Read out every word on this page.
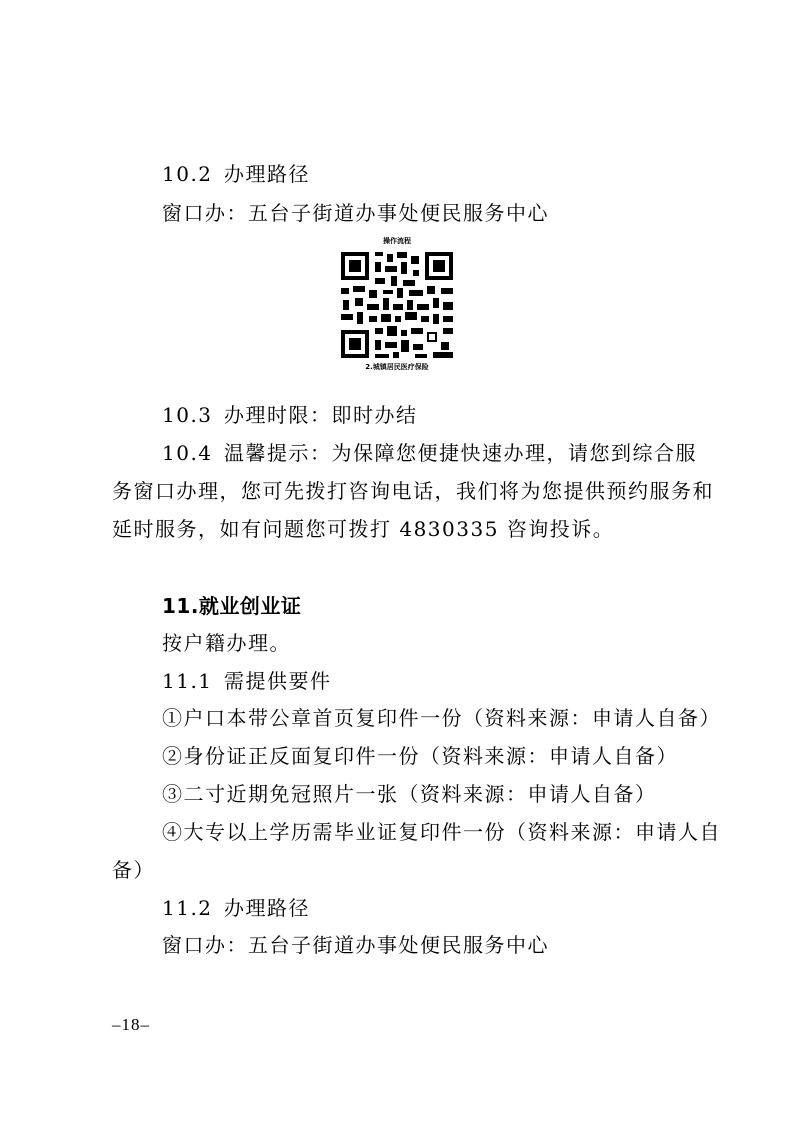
10.2 办理路径
窗口办：五台子街道办事处便民服务中心
操作流程
2.城镇居民医疗保险
10.3 办理时限：即时办结
10.4 温馨提示：为保障您便捷快速办理，请您到综合服
务窗口办理，您可先拨打咨询电话，我们将为您提供预约服务和
延时服务，如有问题您可拨打 4830335 咨询投诉。
11.就业创业证
按户籍办理。
11.1 需提供要件
①户口本带公章首页复印件一份（资料来源：申请人自备）
②身份证正反面复印件一份（资料来源：申请人自备）
③二寸近期免冠照片一张（资料来源：申请人自备）
④大专以上学历需毕业证复印件一份（资料来源：申请人自
备）
11.2 办理路径
窗口办：五台子街道办事处便民服务中心
–18–
